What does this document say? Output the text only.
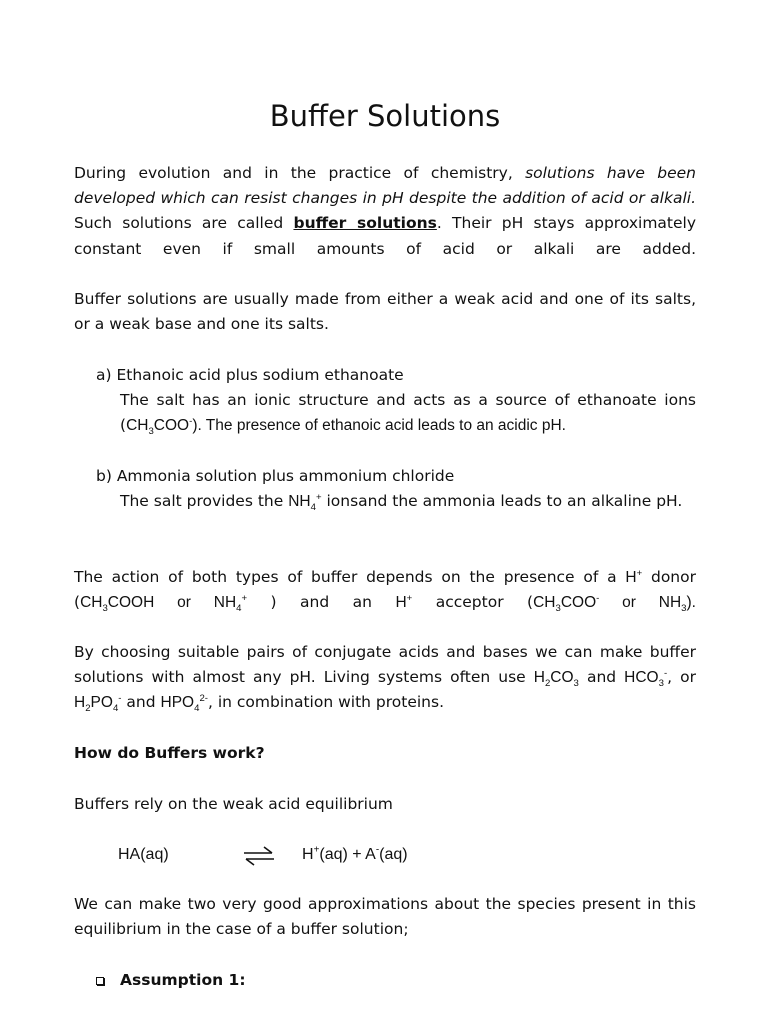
Buffer Solutions

During evolution and in the practice of chemistry, solutions have been developed which can resist changes in pH despite the addition of acid or alkali. Such solutions are called buffer solutions. Their pH stays approximately constant even if small amounts of acid or alkali are added.

Buffer solutions are usually made from either a weak acid and one of its salts, or a weak base and one its salts.

a) Ethanoic acid plus sodium ethanoate

The salt has an ionic structure and acts as a source of ethanoate ions $(CH_3COO^-)$. The presence of ethanoic acid leads to an acidic pH.

b) Ammonia solution plus ammonium chloride

The salt provides the $NH_4^+$ ionsand the ammonia leads to an alkaline pH.

The action of both types of buffer depends on the presence of a H+ donor ($CH_3COOH$ or $NH_4^+$ ) and an H+ acceptor ($CH_3COO^-$ or $NH_3$).

By choosing suitable pairs of conjugate acids and bases we can make buffer solutions with almost any pH. Living systems often use $H_2CO_3$ and $HCO_3^-$, or $H_2PO_4^-$ and $HPO_4^{2-}$, in combination with proteins.

How do Buffers work?

Buffers rely on the weak acid equilibrium

HA(aq)	H+(aq) + A-(aq)

We can make two very good approximations about the species present in this equilibrium in the case of a buffer solution;

Assumption 1:
